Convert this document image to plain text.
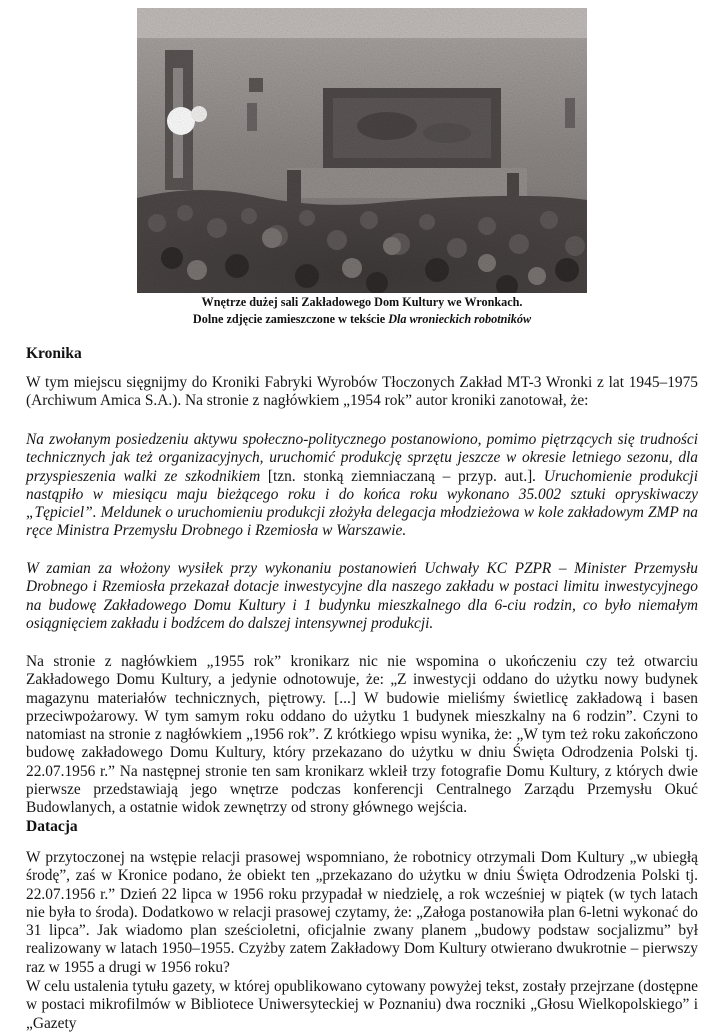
Wnętrze dużej sali Zakładowego Dom Kultury we Wronkach.
Dolne zdjęcie zamieszczone w tekście Dla wronieckich robotników
Kronika
W tym miejscu sięgnijmy do Kroniki Fabryki Wyrobów Tłoczonych Zakład MT-3 Wronki z lat 1945–1975 (Archiwum Amica S.A.). Na stronie z nagłówkiem „1954 rok” autor kroniki zanotował, że:
Na zwołanym posiedzeniu aktywu społeczno-politycznego postanowiono, pomimo piętrzących się trudności technicznych jak też organizacyjnych, uruchomić produkcję sprzętu jeszcze w okresie letniego sezonu, dla przyspieszenia walki ze szkodnikiem [tzn. stonką ziemniaczaną – przyp. aut.]. Uruchomienie produkcji nastąpiło w miesiącu maju bieżącego roku i do końca roku wykonano 35.002 sztuki opryskiwaczy „Tępiciel”. Meldunek o uruchomieniu produkcji złożyła delegacja młodzieżowa w kole zakładowym ZMP na ręce Ministra Przemysłu Drobnego i Rzemiosła w Warszawie.
W zamian za włożony wysiłek przy wykonaniu postanowień Uchwały KC PZPR – Minister Przemysłu Drobnego i Rzemiosła przekazał dotacje inwestycyjne dla naszego zakładu w postaci limitu inwestycyjnego na budowę Zakładowego Domu Kultury i 1 budynku mieszkalnego dla 6-ciu rodzin, co było niemałym osiągnięciem zakładu i bodźcem do dalszej intensywnej produkcji.
Na stronie z nagłówkiem „1955 rok” kronikarz nic nie wspomina o ukończeniu czy też otwarciu Zakładowego Domu Kultury, a jedynie odnotowuje, że: „Z inwestycji oddano do użytku nowy budynek magazynu materiałów technicznych, piętrowy. [...] W budowie mieliśmy świetlicę zakładową i basen przeciwpożarowy. W tym samym roku oddano do użytku 1 budynek mieszkalny na 6 rodzin”. Czyni to natomiast na stronie z nagłówkiem „1956 rok”. Z krótkiego wpisu wynika, że: „W tym też roku zakończono budowę zakładowego Domu Kultury, który przekazano do użytku w dniu Święta Odrodzenia Polski tj. 22.07.1956 r.” Na następnej stronie ten sam kronikarz wkleił trzy fotografie Domu Kultury, z których dwie pierwsze przedstawiają jego wnętrze podczas konferencji Centralnego Zarządu Przemysłu Okuć Budowlanych, a ostatnie widok zewnętrzy od strony głównego wejścia.
Datacja
W przytoczonej na wstępie relacji prasowej wspomniano, że robotnicy otrzymali Dom Kultury „w ubiegłą środę”, zaś w Kronice podano, że obiekt ten „przekazano do użytku w dniu Święta Odrodzenia Polski tj. 22.07.1956 r.” Dzień 22 lipca w 1956 roku przypadał w niedzielę, a rok wcześniej w piątek (w tych latach nie była to środa). Dodatkowo w relacji prasowej czytamy, że: „Załoga postanowiła plan 6-letni wykonać do 31 lipca”. Jak wiadomo plan sześcioletni, oficjalnie zwany planem „budowy podstaw socjalizmu” był realizowany w latach 1950–1955. Czyżby zatem Zakładowy Dom Kultury otwierano dwukrotnie – pierwszy raz w 1955 a drugi w 1956 roku?
W celu ustalenia tytułu gazety, w której opublikowano cytowany powyżej tekst, zostały przejrzane (dostępne w postaci mikrofilmów w Bibliotece Uniwersyteckiej w Poznaniu) dwa roczniki „Głosu Wielkopolskiego” i „Gazety
